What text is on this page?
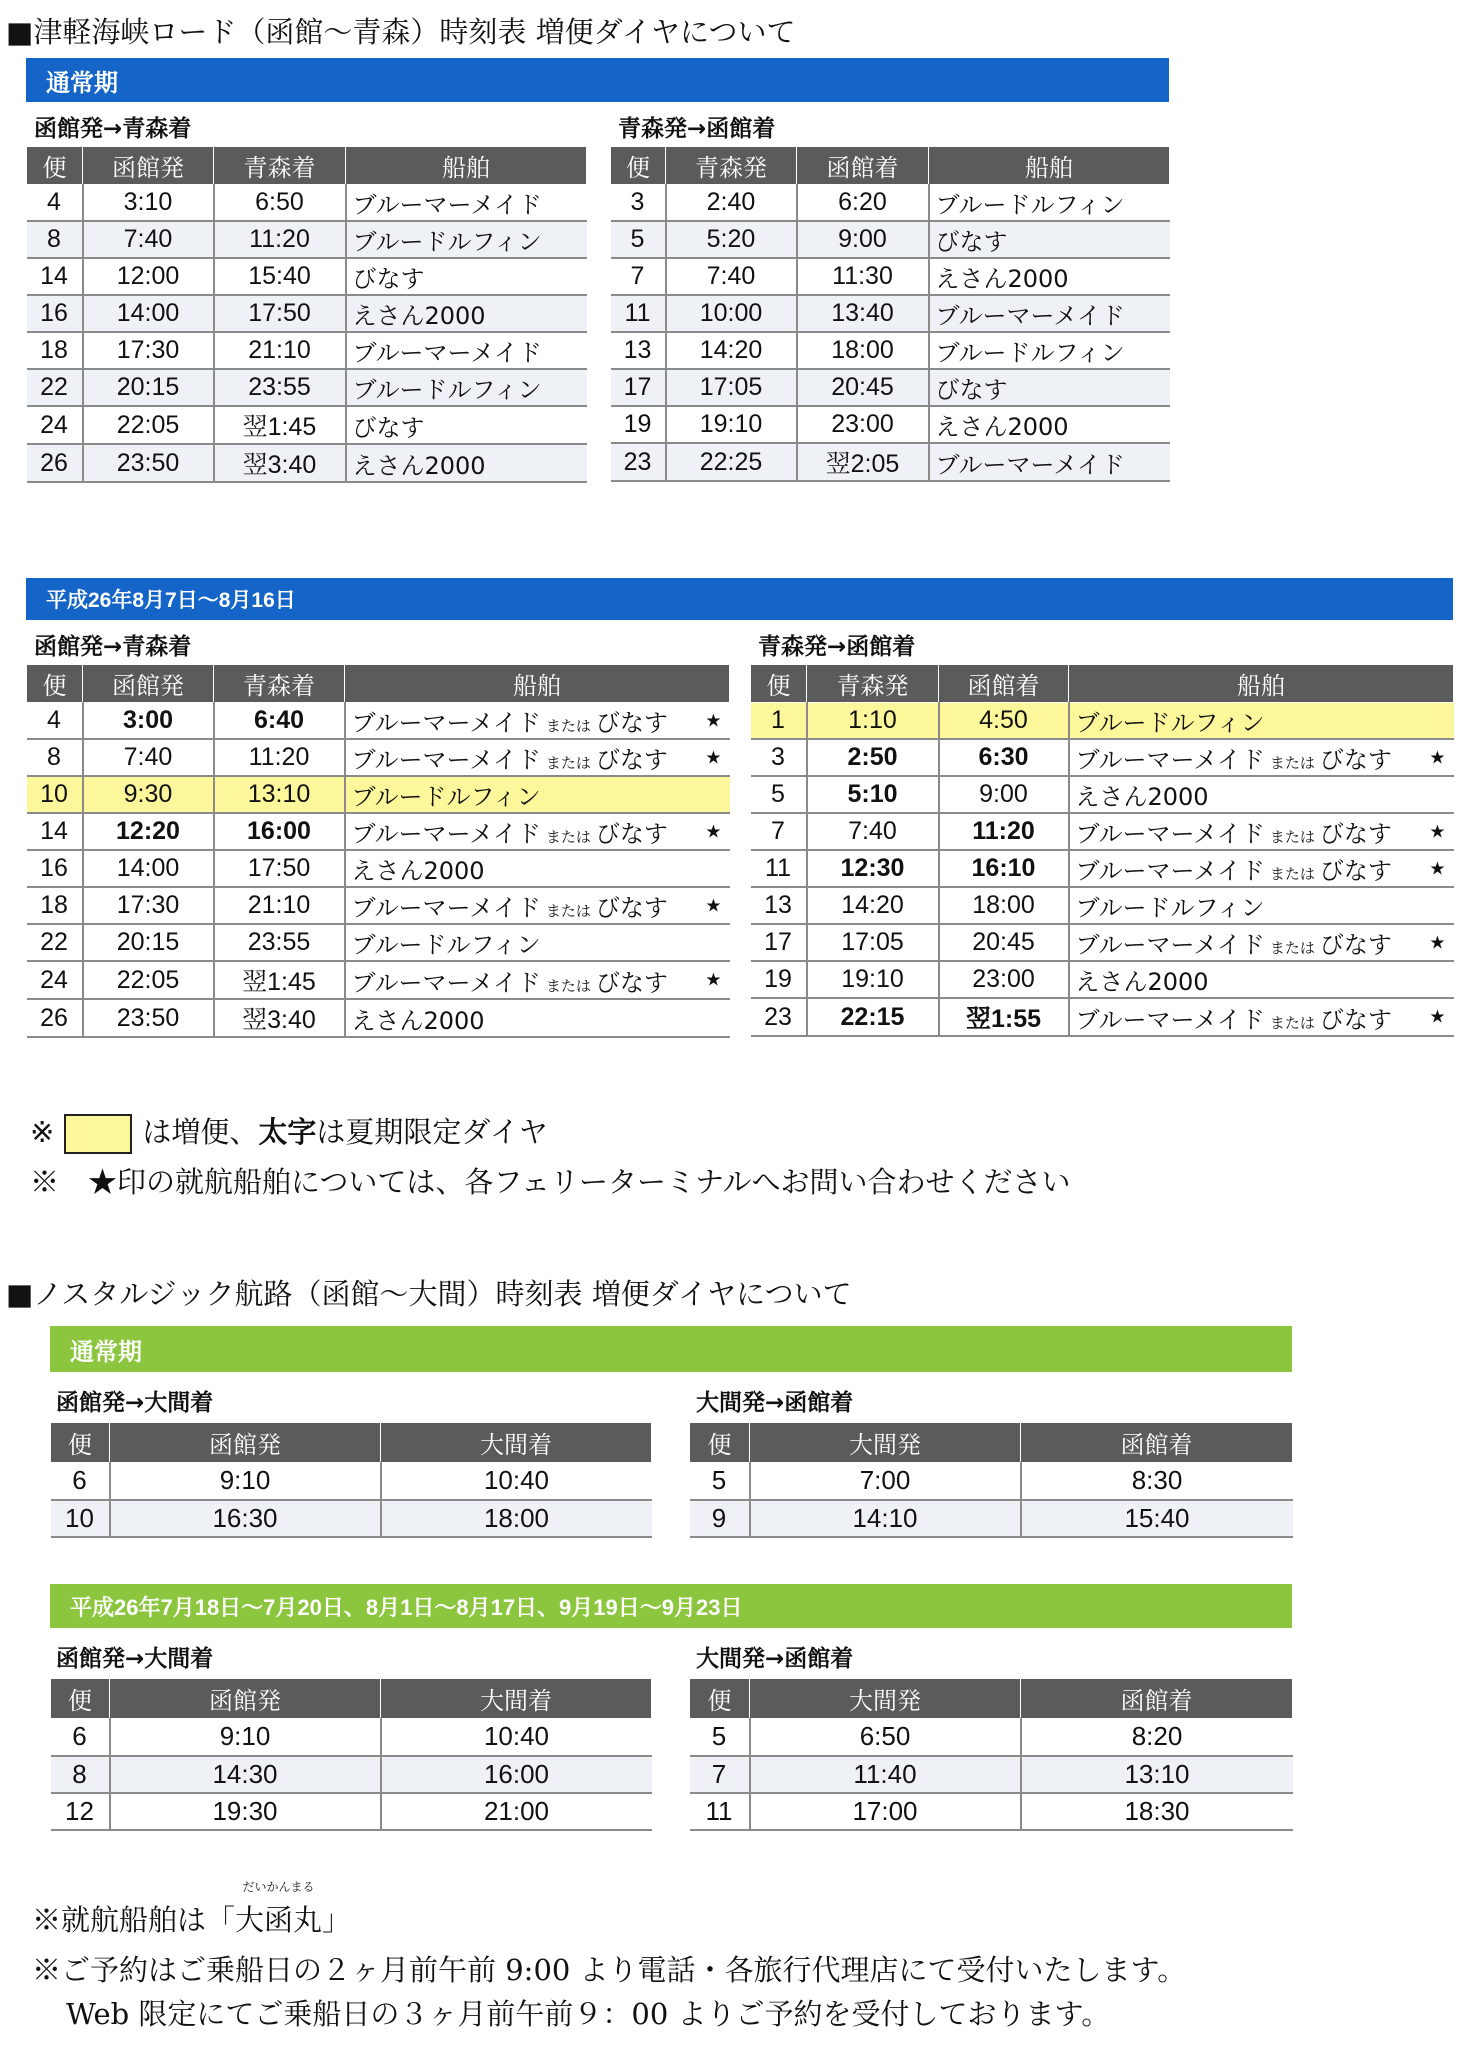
■津軽海峡ロード（函館～青森）時刻表 増便ダイヤについて
通常期
函館発→青森着	青森発→函館着
便	函館発	青森着	船舶
4	3:10	6:50	ブルーマーメイド
8	7:40	11:20	ブルードルフィン
14	12:00	15:40	びなす
16	14:00	17:50	えさん2000
18	17:30	21:10	ブルーマーメイド
22	20:15	23:55	ブルードルフィン
24	22:05	翌1:45	びなす
26	23:50	翌3:40	えさん2000
便	青森発	函館着	船舶
3	2:40	6:20	ブルードルフィン
5	5:20	9:00	びなす
7	7:40	11:30	えさん2000
11	10:00	13:40	ブルーマーメイド
13	14:20	18:00	ブルードルフィン
17	17:05	20:45	びなす
19	19:10	23:00	えさん2000
23	22:25	翌2:05	ブルーマーメイド
平成26年8月7日～8月16日
函館発→青森着	青森発→函館着
便	函館発	青森着	船舶
4	3:00	6:40	ブルーマーメイド または びなす ★

8	7:40	11:20	ブルーマーメイド または びなす ★

10	9:30	13:10	ブルードルフィン
14	12:20	16:00	ブルーマーメイド または びなす ★

16	14:00	17:50	えさん2000
18	17:30	21:10	ブルーマーメイド または びなす ★

22	20:15	23:55	ブルードルフィン
24	22:05	翌1:45	ブルーマーメイド または びなす ★

26	23:50	翌3:40	えさん2000
便	青森発	函館着	船舶
1	1:10	4:50	ブルードルフィン
3	2:50	6:30	ブルーマーメイド または びなす ★

5	5:10	9:00	えさん2000
7	7:40	11:20	ブルーマーメイド または びなす ★

11	12:30	16:10	ブルーマーメイド または びなす ★

13	14:20	18:00	ブルードルフィン
17	17:05	20:45	ブルーマーメイド または びなす ★

19	19:10	23:00	えさん2000
23	22:15	翌1:55	ブルーマーメイド または びなす ★
※	は増便、太字は夏期限定ダイヤ
※　★印の就航船舶については、各フェリーターミナルへお問い合わせください
■ノスタルジック航路（函館～大間）時刻表 増便ダイヤについて
通常期
函館発→大間着	大間発→函館着
便	函館発	大間着
6	9:10	10:40
10	16:30	18:00
便	大間発	函館着
5	7:00	8:30
9	14:10	15:40
平成26年7月18日～7月20日、8月1日～8月17日、9月19日～9月23日
函館発→大間着	大間発→函館着
便	函館発	大間着
6	9:10	10:40
8	14:30	16:00
12	19:30	21:00
便	大間発	函館着
5	6:50	8:20
7	11:40	13:10
11	17:00	18:30
※就航船舶は「
だいかんまる
大函丸」
※ご予約はご乗船日の２ヶ月前午前 9:00 より電話・各旅行代理店にて受付いたします。
Web 限定にてご乗船日の３ヶ月前午前９：00 よりご予約を受付しております。
